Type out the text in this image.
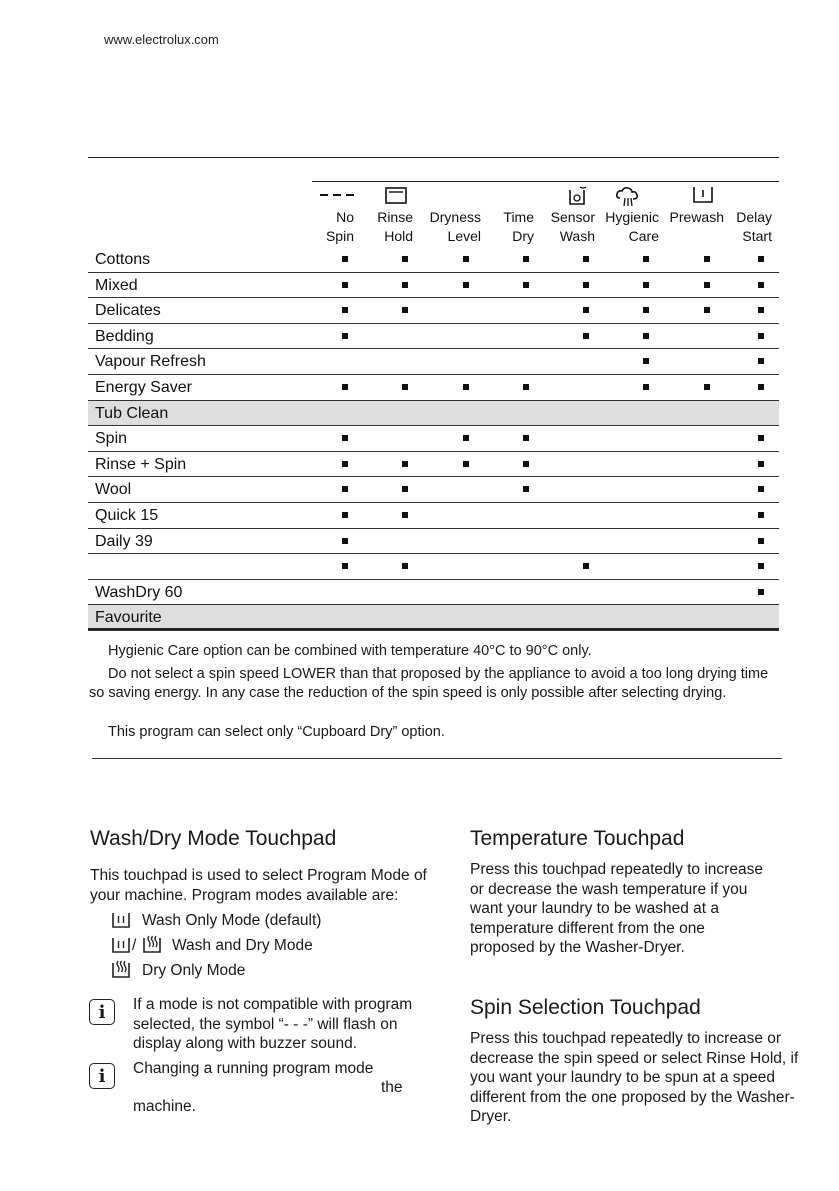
www.electrolux.com
No
Spin
Rinse
Hold
Dryness
Level
Time
Dry
Sensor
Wash
Hygienic
Care
Prewash Delay
Start
Cottons
Mixed
Delicates
Bedding
Vapour Refresh
Energy Saver
Tub Clean
Spin
Rinse + Spin
Wool
Quick 15
Daily 39
WashDry 60
Favourite
Hygienic Care option can be combined with temperature 40°C to 90°C only.
Do not select a spin speed LOWER than that proposed by the appliance to avoid a too long drying time so saving energy. In any case the reduction of the spin speed is only possible after selecting drying.
This program can select only “Cupboard Dry” option.
Wash/Dry Mode Touchpad
This touchpad is used to select Program Mode of your machine. Program modes available are:
Wash Only Mode (default)
/ Wash and Dry Mode
Dry Only Mode
i	If a mode is not compatible with program selected, the symbol “- - -” will flash on display along with buzzer sound.
i	Changing a running program mode
the
machine.
Temperature Touchpad
Press this touchpad repeatedly to increase or decrease the wash temperature if you want your laundry to be washed at a temperature different from the one proposed by the Washer-Dryer.
Spin Selection Touchpad
Press this touchpad repeatedly to increase or decrease the spin speed or select Rinse Hold, if you want your laundry to be spun at a speed different from the one proposed by the Washer-Dryer.
